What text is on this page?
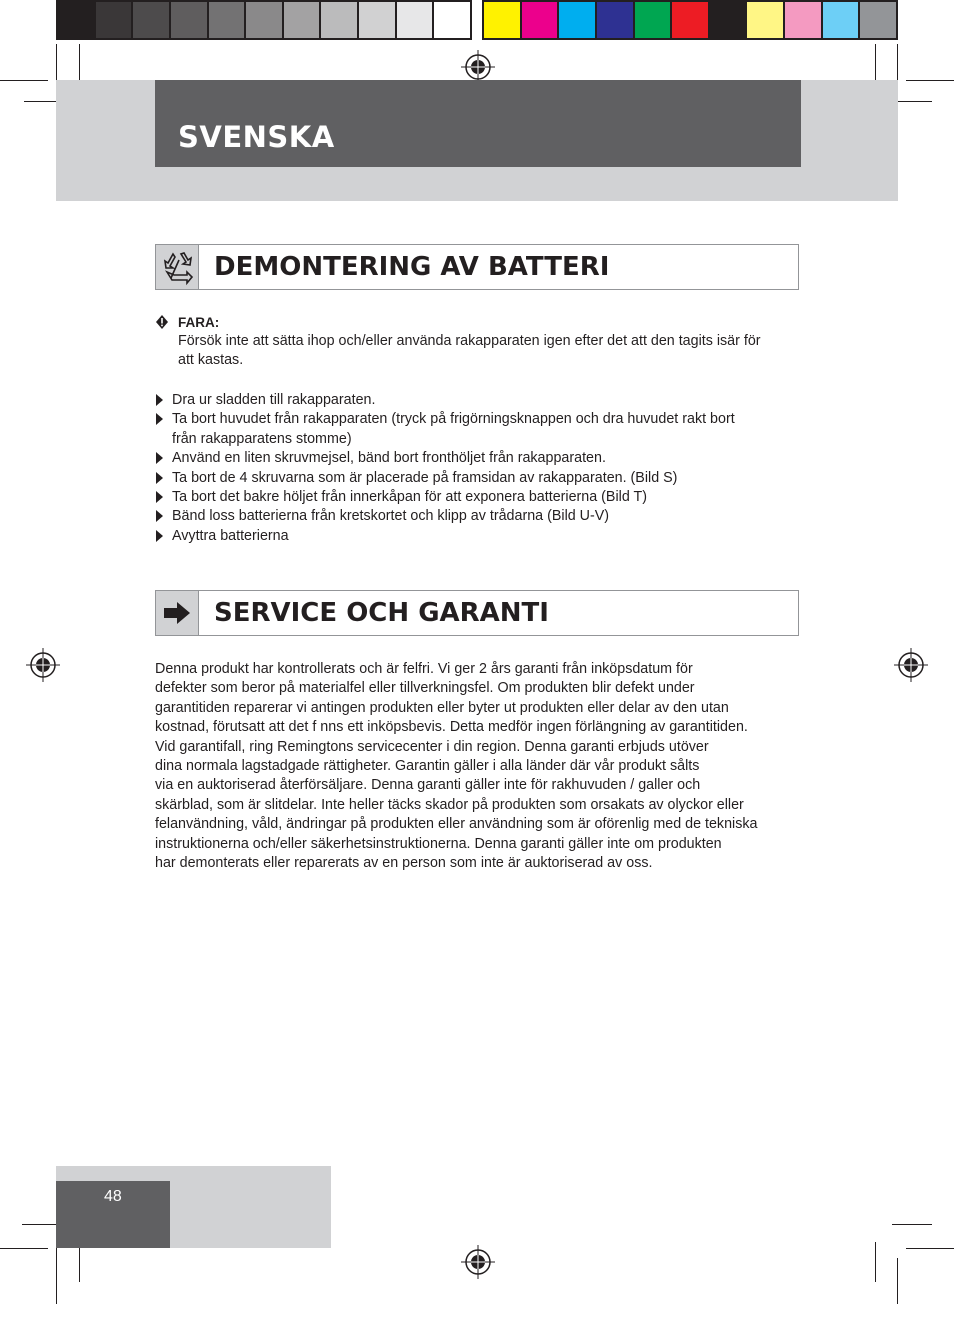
SVENSKA
DEMONTERING AV BATTERI
FARA:
Försök inte att sätta ihop och/eller använda rakapparaten igen efter det att den tagits isär för
att kastas.
Dra ur sladden till rakapparaten.
Ta bort huvudet från rakapparaten (tryck på frigörningsknappen och dra huvudet rakt bort
från rakapparatens stomme)
Använd en liten skruvmejsel, bänd bort fronthöljet från rakapparaten.
Ta bort de 4 skruvarna som är placerade på framsidan av rakapparaten. (Bild S)
Ta bort det bakre höljet från innerkåpan för att exponera batterierna (Bild T)
Bänd loss batterierna från kretskortet och klipp av trådarna (Bild U-V)
Avyttra batterierna
SERVICE OCH GARANTI
Denna produkt har kontrollerats och är felfri. Vi ger 2 års garanti från inköpsdatum för
defekter som beror på materialfel eller tillverkningsfel. Om produkten blir defekt under
garantitiden reparerar vi antingen produkten eller byter ut produkten eller delar av den utan
kostnad, förutsatt att det f nns ett inköpsbevis. Detta medför ingen förlängning av garantitiden.
Vid garantifall, ring Remingtons servicecenter i din region. Denna garanti erbjuds utöver
dina normala lagstadgade rättigheter. Garantin gäller i alla länder där vår produkt sålts
via en auktoriserad återförsäljare. Denna garanti gäller inte för rakhuvuden / galler och
skärblad, som är slitdelar. Inte heller täcks skador på produkten som orsakats av olyckor eller
felanvändning, våld, ändringar på produkten eller användning som är oförenlig med de tekniska
instruktionerna och/eller säkerhetsinstruktionerna. Denna garanti gäller inte om produkten
har demonterats eller reparerats av en person som inte är auktoriserad av oss.
48
